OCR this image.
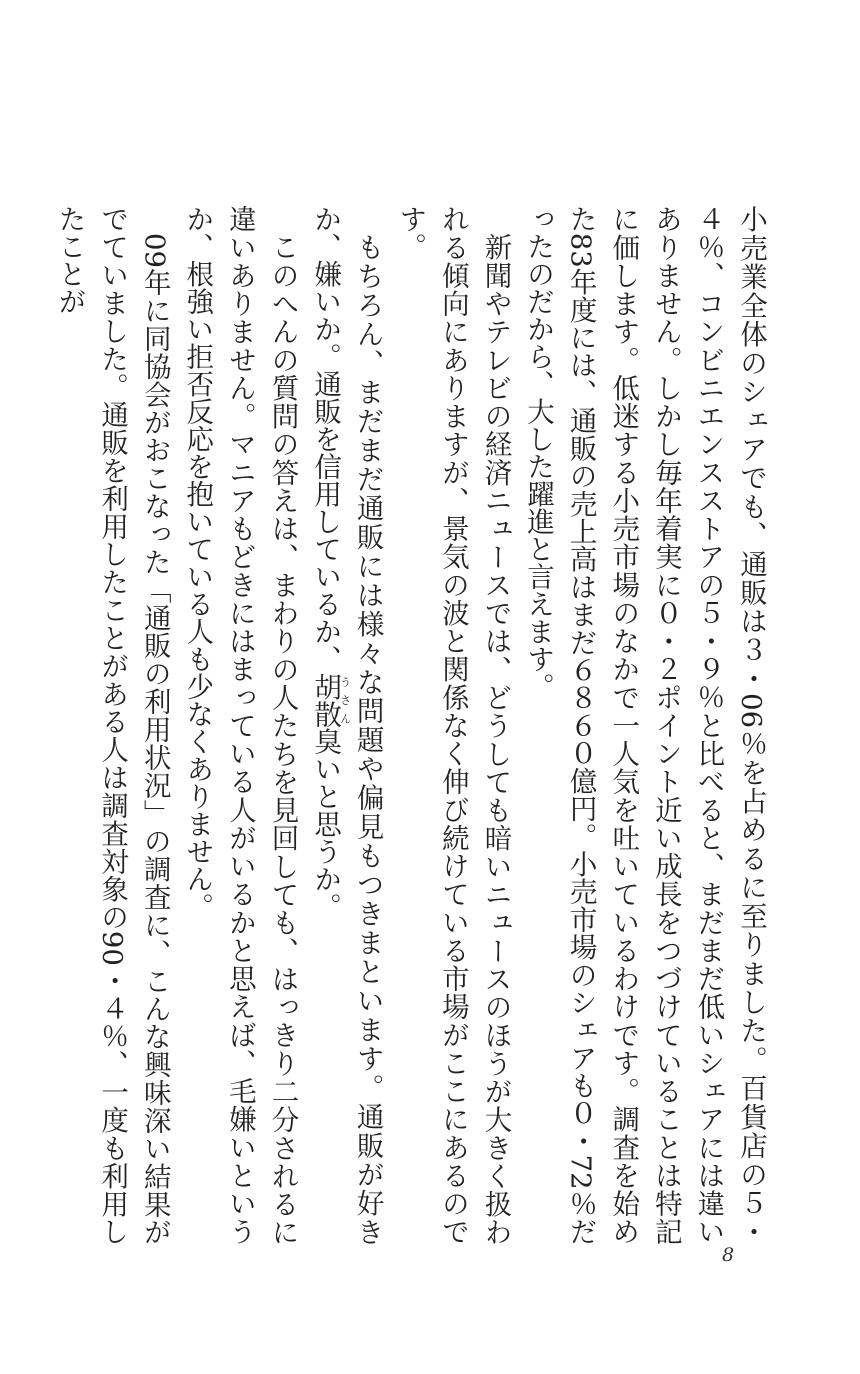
小売業全体のシェアでも、通販は３・06％を占めるに至りました。百貨店の５・４％、コンビニエンスストアの５・９％と比べると、まだまだ低いシェアには違いありません。しかし毎年着実に０・２ポイント近い成長をつづけていることは特記に価します。低迷する小売市場のなかで一人気を吐いているわけです。調査を始めた83年度には、通販の売上高はまだ６８６０億円。小売市場のシェアも０・72％だったのだから、大した躍進と言えます。

新聞やテレビの経済ニュースでは、どうしても暗いニュースのほうが大きく扱われる傾向にありますが、景気の波と関係なく伸び続けている市場がここにあるのです。

もちろん、まだまだ通販には様々な問題や偏見もつきまといます。通販が好きか、嫌いか。通販を信用しているか、胡散うさん臭いと思うか。

このへんの質問の答えは、まわりの人たちを見回しても、はっきり二分されるに違いありません。マニアもどきにはまっている人がいるかと思えば、毛嫌いというか、根強い拒否反応を抱いている人も少なくありません。

09年に同協会がおこなった「通販の利用状況」の調査に、こんな興味深い結果がでていました。通販を利用したことがある人は調査対象の90・４％、一度も利用したことが

8
